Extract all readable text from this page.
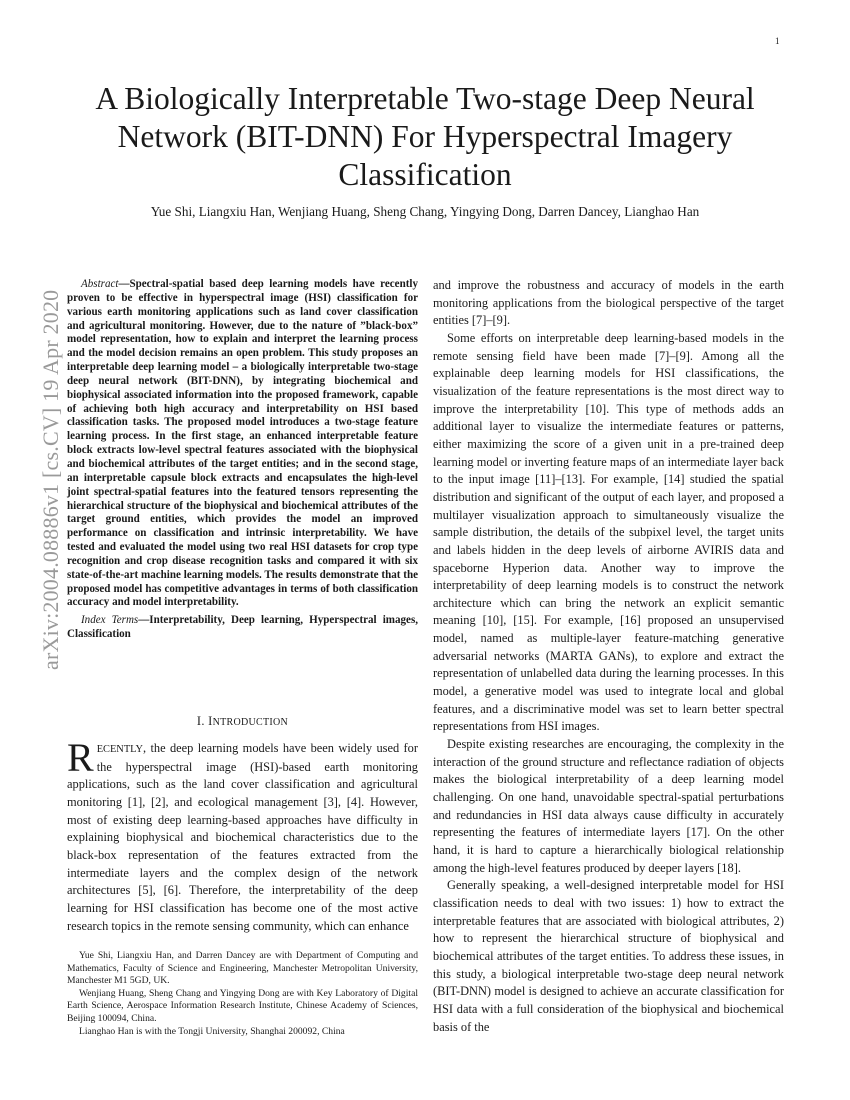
1
arXiv:2004.08886v1 [cs.CV] 19 Apr 2020
A Biologically Interpretable Two-stage Deep Neural Network (BIT-DNN) For Hyperspectral Imagery Classification
Yue Shi, Liangxiu Han, Wenjiang Huang, Sheng Chang, Yingying Dong, Darren Dancey, Lianghao Han

Abstract—Spectral-spatial based deep learning models have recently proven to be effective in hyperspectral image (HSI) classification for various earth monitoring applications such as land cover classification and agricultural monitoring. However, due to the nature of ”black-box” model representation, how to explain and interpret the learning process and the model decision remains an open problem. This study proposes an interpretable deep learning model – a biologically interpretable two-stage deep neural network (BIT-DNN), by integrating biochemical and biophysical associated information into the proposed framework, capable of achieving both high accuracy and interpretability on HSI based classification tasks. The proposed model introduces a two-stage feature learning process. In the first stage, an enhanced interpretable feature block extracts low-level spectral features associated with the biophysical and biochemical attributes of the target entities; and in the second stage, an interpretable capsule block extracts and encapsulates the high-level joint spectral-spatial features into the featured tensors representing the hierarchical structure of the biophysical and biochemical attributes of the target ground entities, which provides the model an improved performance on classification and intrinsic interpretability. We have tested and evaluated the model using two real HSI datasets for crop type recognition and crop disease recognition tasks and compared it with six state-of-the-art machine learning models. The results demonstrate that the proposed model has competitive advantages in terms of both classification accuracy and model interpretability.

Index Terms—Interpretability, Deep learning, Hyperspectral images, Classification

I. INTRODUCTION

RECENTLY, the deep learning models have been widely used for the hyperspectral image (HSI)-based earth monitoring applications, such as the land cover classification and agricultural monitoring [1], [2], and ecological management [3], [4]. However, most of existing deep learning-based approaches have difficulty in explaining biophysical and biochemical characteristics due to the black-box representation of the features extracted from the intermediate layers and the complex design of the network architectures [5], [6]. Therefore, the interpretability of the deep learning for HSI classification has become one of the most active research topics in the remote sensing community, which can enhance

Yue Shi, Liangxiu Han, and Darren Dancey are with Department of Computing and Mathematics, Faculty of Science and Engineering, Manchester Metropolitan University, Manchester M1 5GD, UK.

Wenjiang Huang, Sheng Chang and Yingying Dong are with Key Laboratory of Digital Earth Science, Aerospace Information Research Institute, Chinese Academy of Sciences, Beijing 100094, China.

Lianghao Han is with the Tongji University, Shanghai 200092, China

and improve the robustness and accuracy of models in the earth monitoring applications from the biological perspective of the target entities [7]–[9].

Some efforts on interpretable deep learning-based models in the remote sensing field have been made [7]–[9]. Among all the explainable deep learning models for HSI classifications, the visualization of the feature representations is the most direct way to improve the interpretability [10]. This type of methods adds an additional layer to visualize the intermediate features or patterns, either maximizing the score of a given unit in a pre-trained deep learning model or inverting feature maps of an intermediate layer back to the input image [11]–[13]. For example, [14] studied the spatial distribution and significant of the output of each layer, and proposed a multilayer visualization approach to simultaneously visualize the sample distribution, the details of the subpixel level, the target units and labels hidden in the deep levels of airborne AVIRIS data and spaceborne Hyperion data. Another way to improve the interpretability of deep learning models is to construct the network architecture which can bring the network an explicit semantic meaning [10], [15]. For example, [16] proposed an unsupervised model, named as multiple-layer feature-matching generative adversarial networks (MARTA GANs), to explore and extract the representation of unlabelled data during the learning processes. In this model, a generative model was used to integrate local and global features, and a discriminative model was set to learn better spectral representations from HSI images.

Despite existing researches are encouraging, the complexity in the interaction of the ground structure and reflectance radiation of objects makes the biological interpretability of a deep learning model challenging. On one hand, unavoidable spectral-spatial perturbations and redundancies in HSI data always cause difficulty in accurately representing the features of intermediate layers [17]. On the other hand, it is hard to capture a hierarchically biological relationship among the high-level features produced by deeper layers [18].

Generally speaking, a well-designed interpretable model for HSI classification needs to deal with two issues: 1) how to extract the interpretable features that are associated with biological attributes, 2) how to represent the hierarchical structure of biophysical and biochemical attributes of the target entities. To address these issues, in this study, a biological interpretable two-stage deep neural network (BIT-DNN) model is designed to achieve an accurate classification for HSI data with a full consideration of the biophysical and biochemical basis of the
